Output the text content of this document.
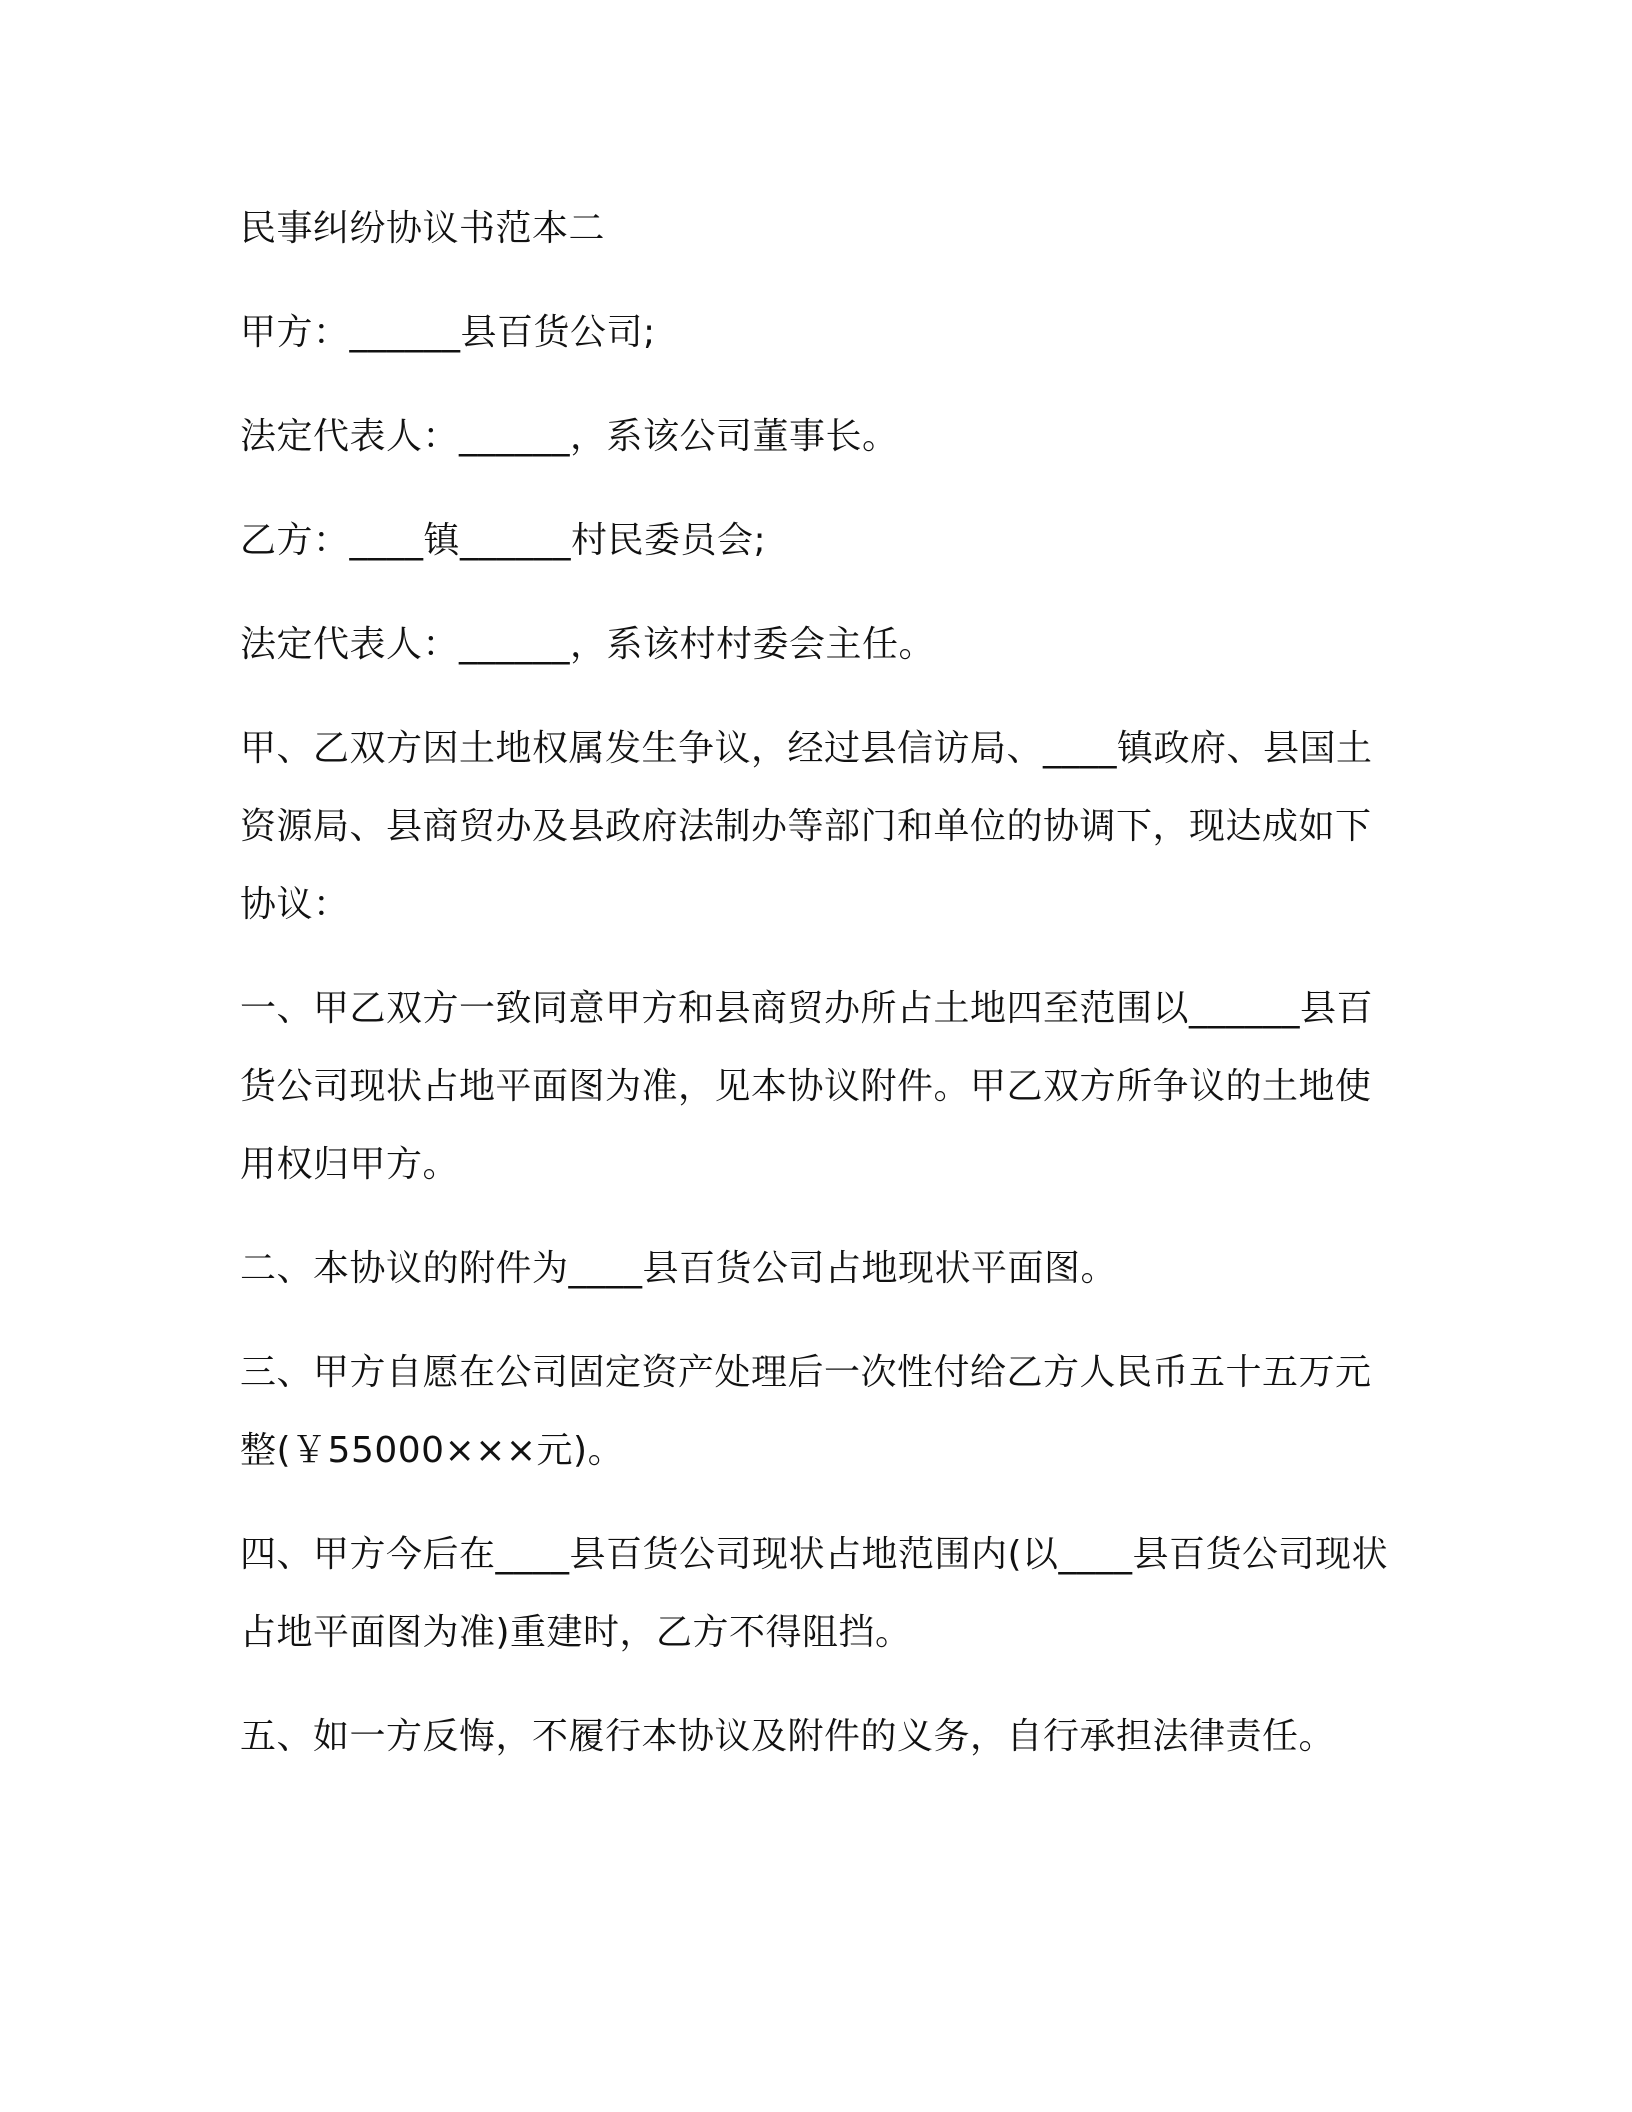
民事纠纷协议书范本二

甲方：______县百货公司;

法定代表人：______，系该公司董事长。

乙方：____镇______村民委员会;

法定代表人：______，系该村村委会主任。

甲、乙双方因土地权属发生争议，经过县信访局、____镇政府、县国土资源局、县商贸办及县政府法制办等部门和单位的协调下，现达成如下协议：

一、甲乙双方一致同意甲方和县商贸办所占土地四至范围以______县百货公司现状占地平面图为准，见本协议附件。甲乙双方所争议的土地使用权归甲方。

二、本协议的附件为____县百货公司占地现状平面图。

三、甲方自愿在公司固定资产处理后一次性付给乙方人民币五十五万元整(￥55000×××元)。

四、甲方今后在____县百货公司现状占地范围内(以____县百货公司现状占地平面图为准)重建时，乙方不得阻挡。

五、如一方反悔，不履行本协议及附件的义务，自行承担法律责任。
